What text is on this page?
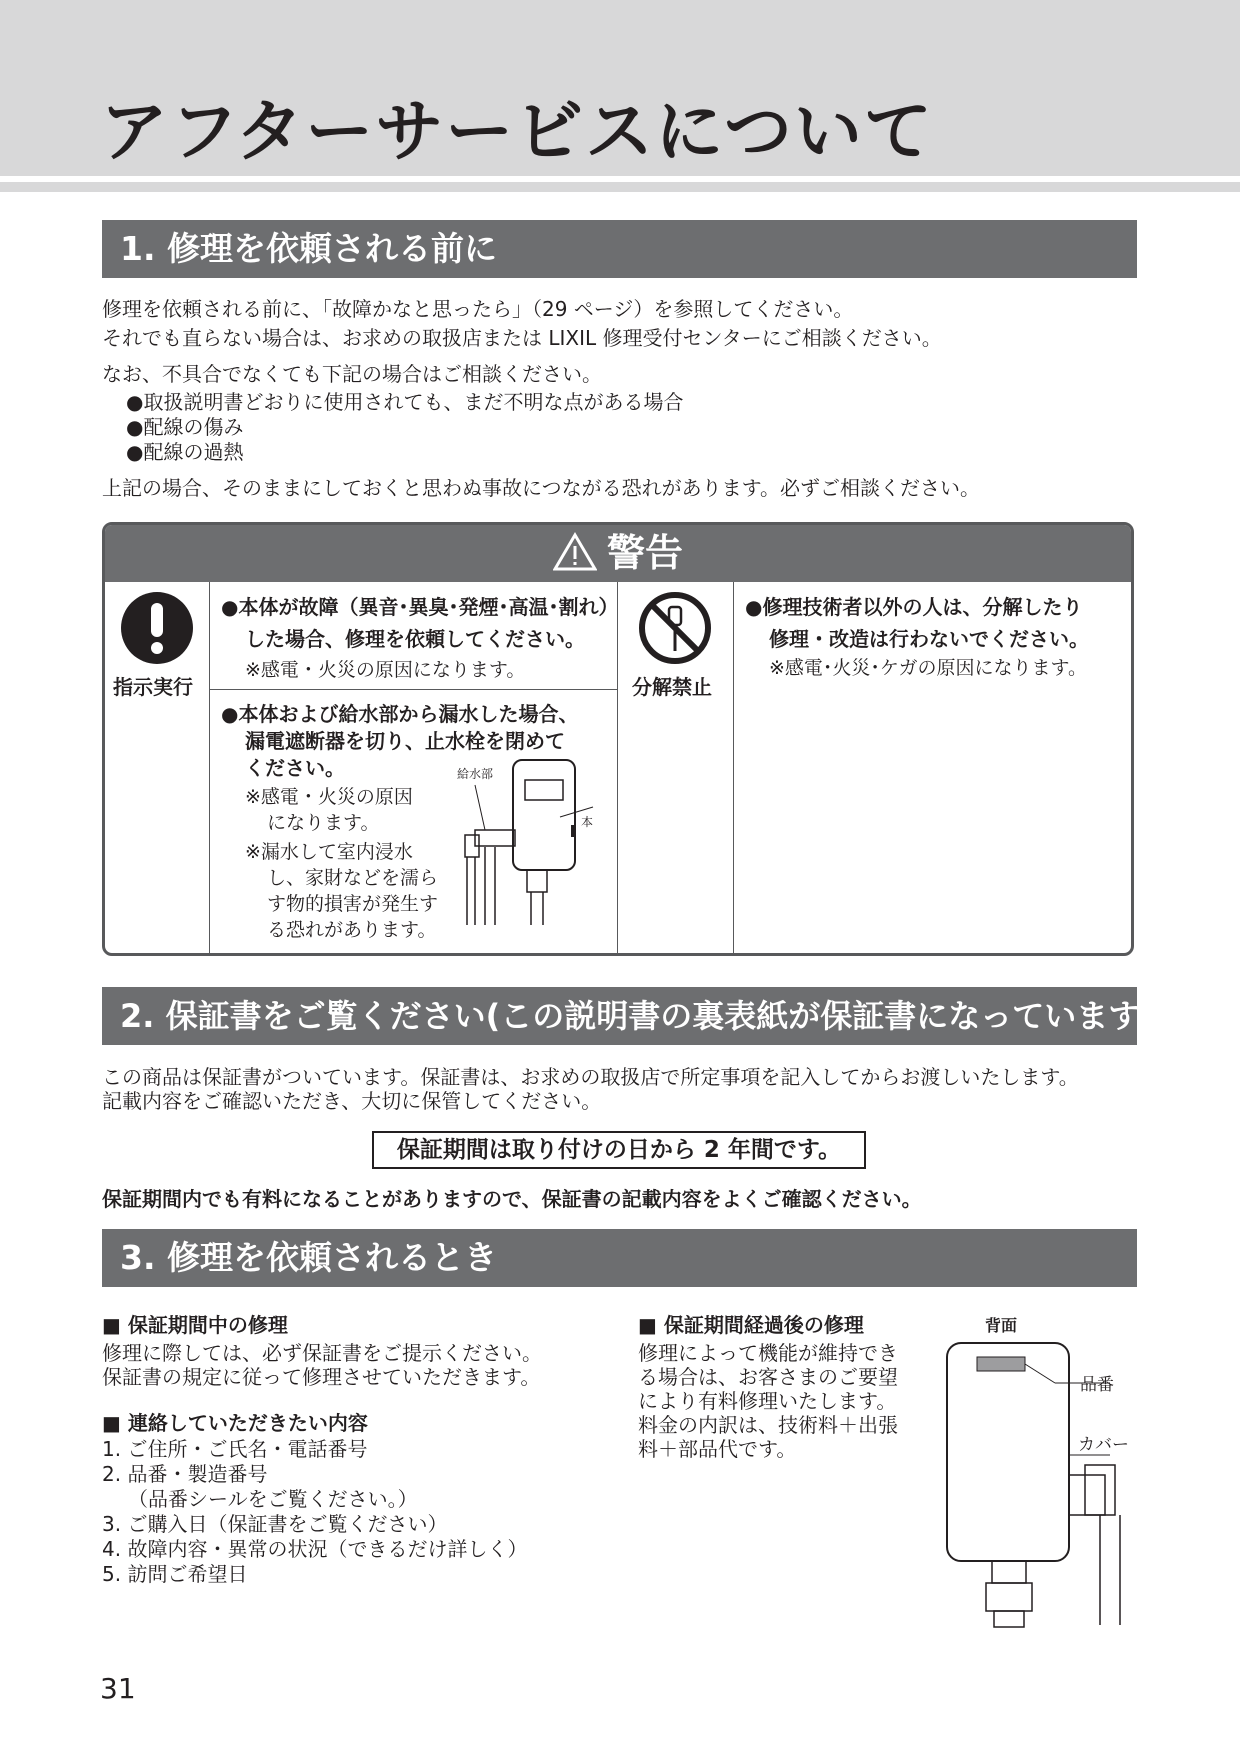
アフターサービスについて
1. 修理を依頼される前に
修理を依頼される前に、「故障かなと思ったら」（29 ページ）を参照してください。
それでも直らない場合は、お求めの取扱店または LIXIL 修理受付センターにご相談ください。
なお、不具合でなくても下記の場合はご相談ください。
●取扱説明書どおりに使用されても、まだ不明な点がある場合
●配線の傷み
●配線の過熱
上記の場合、そのままにしておくと思わぬ事故につながる恐れがあります。必ずご相談ください。
警告
指示実行
●本体が故障（異音･異臭･発煙･高温･割れ）
した場合、修理を依頼してください。
※感電・火災の原因になります。
●本体および給水部から漏水した場合、
漏電遮断器を切り、止水栓を閉めて
ください。
※感電・火災の原因
になります。
※漏水して室内浸水
し、家財などを濡ら
す物的損害が発生す
る恐れがあります。
給水部
本
分解禁止
●修理技術者以外の人は、分解したり
修理・改造は行わないでください。
※感電･火災･ケガの原因になります。
2. 保証書をご覧ください(この説明書の裏表紙が保証書になっています)
この商品は保証書がついています。保証書は、お求めの取扱店で所定事項を記入してからお渡しいたします。
記載内容をご確認いただき、大切に保管してください。
保証期間は取り付けの日から 2 年間です。
保証期間内でも有料になることがありますので、保証書の記載内容をよくご確認ください。
3. 修理を依頼されるとき
■ 保証期間中の修理
修理に際しては、必ず保証書をご提示ください。
保証書の規定に従って修理させていただきます。
■ 連絡していただきたい内容
1. ご住所・ご氏名・電話番号
2. 品番・製造番号
（品番シールをご覧ください。）
3. ご購入日（保証書をご覧ください）
4. 故障内容・異常の状況（できるだけ詳しく）
5. 訪問ご希望日
■ 保証期間経過後の修理
修理によって機能が維持でき
る場合は、お客さまのご要望
により有料修理いたします。
料金の内訳は、技術料＋出張
料＋部品代です。
背面
品番
カバー
31
